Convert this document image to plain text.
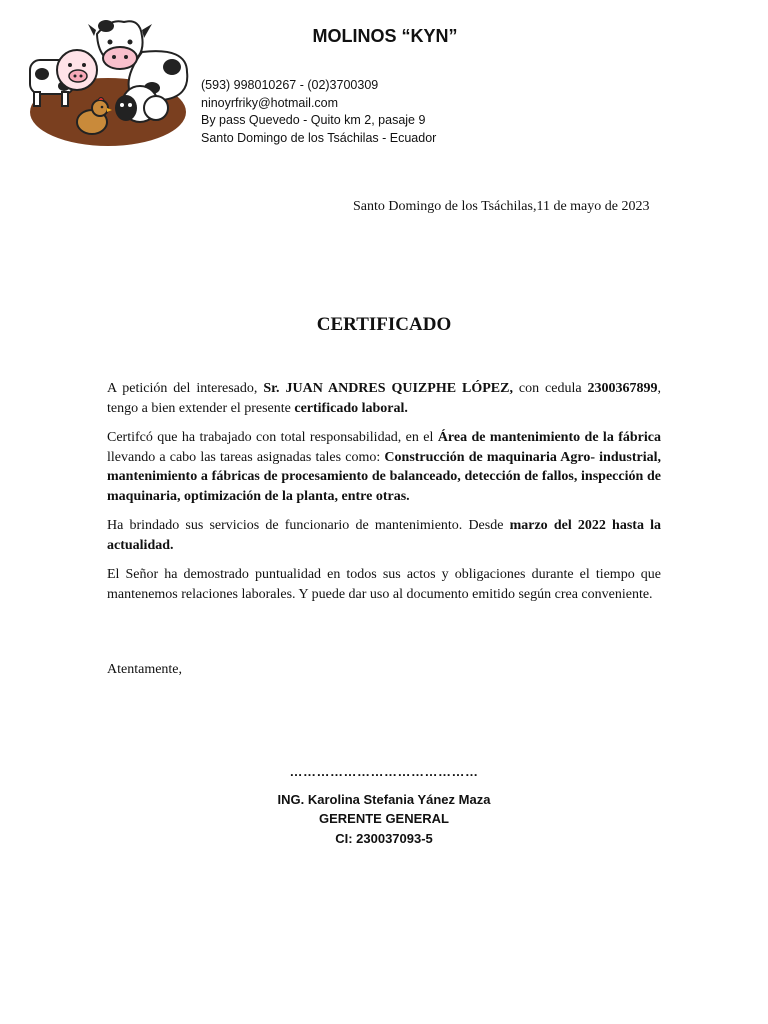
MOLINOS “KYN”
(593) 998010267 - (02)3700309
ninoyrfriky@hotmail.com
By pass Quevedo - Quito km 2, pasaje 9
Santo Domingo de los Tsáchilas - Ecuador
Santo Domingo de los Tsáchilas,11 de mayo de 2023
CERTIFICADO

A petición del interesado, Sr. JUAN ANDRES QUIZPHE LÓPEZ, con cedula 2300367899, tengo a bien extender el presente certificado laboral.

Certifcó que ha trabajado con total responsabilidad, en el Área de mantenimiento de la fábrica llevando a cabo las tareas asignadas tales como: Construcción de maquinaria Agro- industrial, mantenimiento a fábricas de procesamiento de balanceado, detección de fallos, inspección de maquinaria, optimización de la planta, entre otras.

Ha brindado sus servicios de funcionario de mantenimiento. Desde marzo del 2022 hasta la actualidad.

El Señor ha demostrado puntualidad en todos sus actos y obligaciones durante el tiempo que mantenemos relaciones laborales. Y puede dar uso al documento emitido según crea conveniente.

Atentamente,
……………………………………
ING. Karolina Stefania Yánez Maza
GERENTE GENERAL
CI: 230037093-5
